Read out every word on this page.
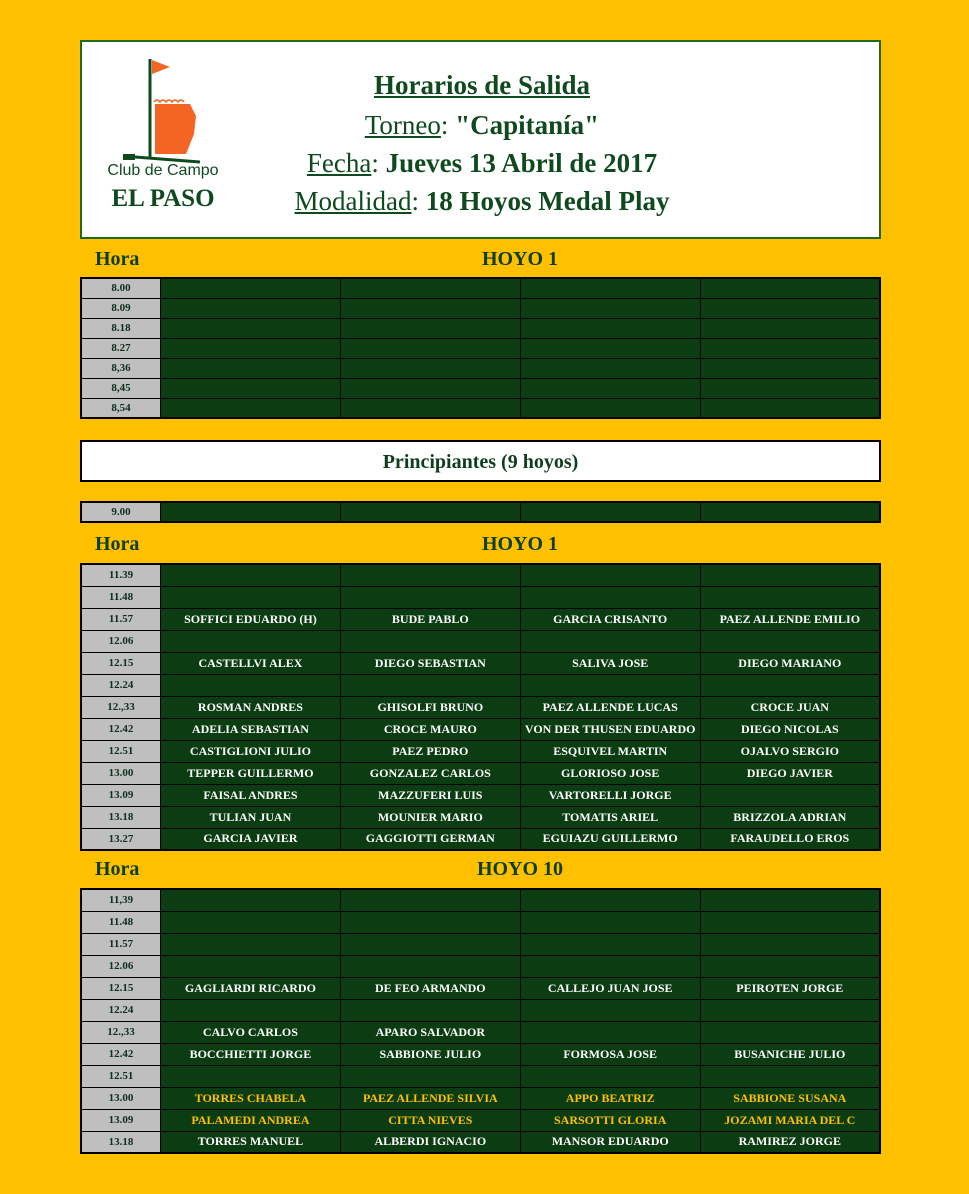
Club de Campo
EL PASO
Horarios de Salida
Torneo: "Capitanía"
Fecha: Jueves 13 Abril de 2017
Modalidad: 18 Hoyos Medal Play
Hora	HOYO 1
8.00				
8.09				
8.18				
8.27				
8,36				
8,45				
8,54				
Principiantes (9 hoyos)
9.00				
Hora	HOYO 1
11.39				
11.48				
11.57	SOFFICI EDUARDO (H)	BUDE PABLO	GARCIA CRISANTO	PAEZ ALLENDE EMILIO
12.06				
12.15	CASTELLVI ALEX	DIEGO SEBASTIAN	SALIVA JOSE	DIEGO MARIANO
12.24				
12.,33	ROSMAN ANDRES	GHISOLFI BRUNO	PAEZ ALLENDE LUCAS	CROCE JUAN
12.42	ADELIA SEBASTIAN	CROCE MAURO	VON DER THUSEN EDUARDO	DIEGO NICOLAS
12.51	CASTIGLIONI JULIO	PAEZ PEDRO	ESQUIVEL MARTIN	OJALVO SERGIO
13.00	TEPPER GUILLERMO	GONZALEZ CARLOS	GLORIOSO JOSE	DIEGO JAVIER
13.09	FAISAL ANDRES	MAZZUFERI LUIS	VARTORELLI JORGE	
13.18	TULIAN JUAN	MOUNIER MARIO	TOMATIS ARIEL	BRIZZOLA ADRIAN
13.27	GARCIA JAVIER	GAGGIOTTI GERMAN	EGUIAZU GUILLERMO	FARAUDELLO EROS
Hora	HOYO 10
11,39				
11.48				
11.57				
12.06				
12.15	GAGLIARDI RICARDO	DE FEO ARMANDO	CALLEJO JUAN JOSE	PEIROTEN JORGE
12.24				
12.,33	CALVO CARLOS	APARO SALVADOR		
12.42	BOCCHIETTI JORGE	SABBIONE JULIO	FORMOSA JOSE	BUSANICHE JULIO
12.51				
13.00	TORRES CHABELA	PAEZ ALLENDE SILVIA	APPO BEATRIZ	SABBIONE SUSANA
13.09	PALAMEDI ANDREA	CITTA NIEVES	SARSOTTI GLORIA	JOZAMI MARIA DEL C
13.18	TORRES MANUEL	ALBERDI IGNACIO	MANSOR EDUARDO	RAMIREZ JORGE
